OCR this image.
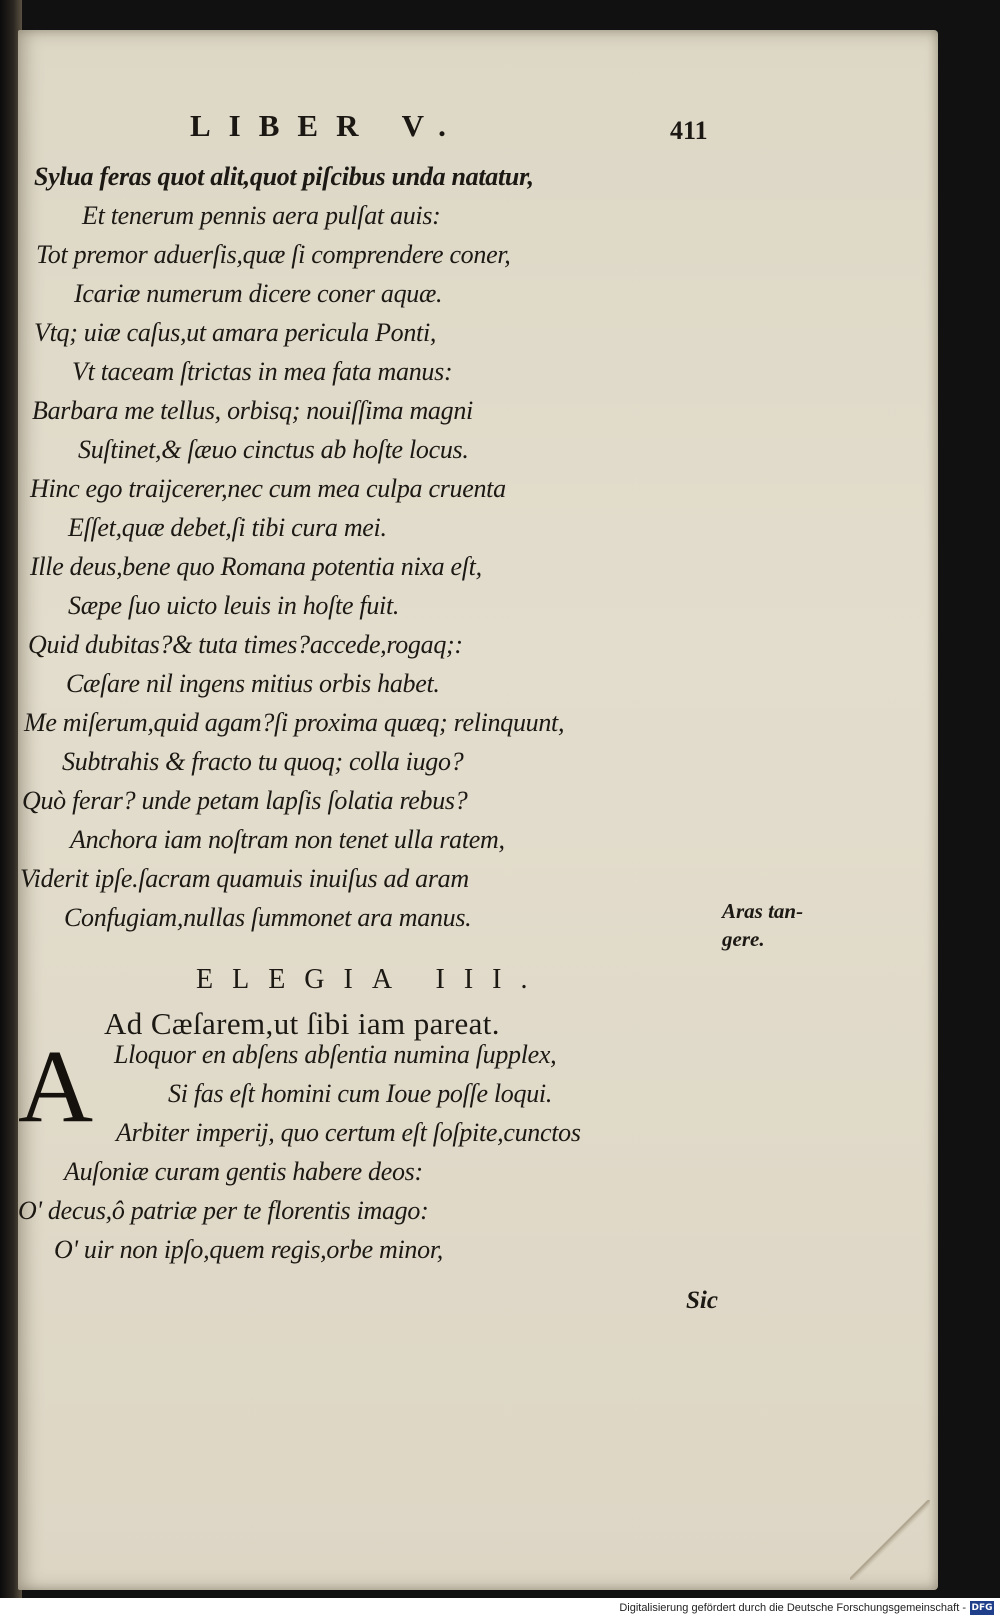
LIBER V.	411
Sylua feras quot alit,quot piſcibus unda natatur,
Et tenerum pennis aera pulſat auis:
Tot premor aduerſis,quæ ſi comprendere coner,
Icariæ numerum dicere coner aquæ.
Vtq; uiæ caſus,ut amara pericula Ponti,
Vt taceam ſtrictas in mea fata manus:
Barbara me tellus, orbisq; nouiſſima magni
Suſtinet,& ſæuo cinctus ab hoſte locus.
Hinc ego traijcerer,nec cum mea culpa cruenta
Eſſet,quæ debet,ſi tibi cura mei.
Ille deus,bene quo Romana potentia nixa eſt,
Sæpe ſuo uicto leuis in hoſte fuit.
Quid dubitas?& tuta times?accede,rogaq;:
Cæſare nil ingens mitius orbis habet.
Me miſerum,quid agam?ſi proxima quæq; relinquunt,
Subtrahis & fracto tu quoq; colla iugo?
Quò ferar? unde petam lapſis ſolatia rebus?
Anchora iam noſtram non tenet ulla ratem,
Viderit ipſe.ſacram quamuis inuiſus ad aram
Confugiam,nullas ſummonet ara manus.	Aras tan-
gere.
ELEGIA III.
Ad Cæſarem,ut ſibi iam pareat.
A Lloquor en abſens abſentia numina ſupplex,
Si fas eſt homini cum Ioue poſſe loqui.
Arbiter imperij, quo certum eſt ſoſpite,cunctos
Auſoniæ curam gentis habere deos:
O' decus,ô patriæ per te florentis imago:
O' uir non ipſo,quem regis,orbe minor,
Sic
Digitalisierung gefördert durch die Deutsche Forschungsgemeinschaft - DFG
